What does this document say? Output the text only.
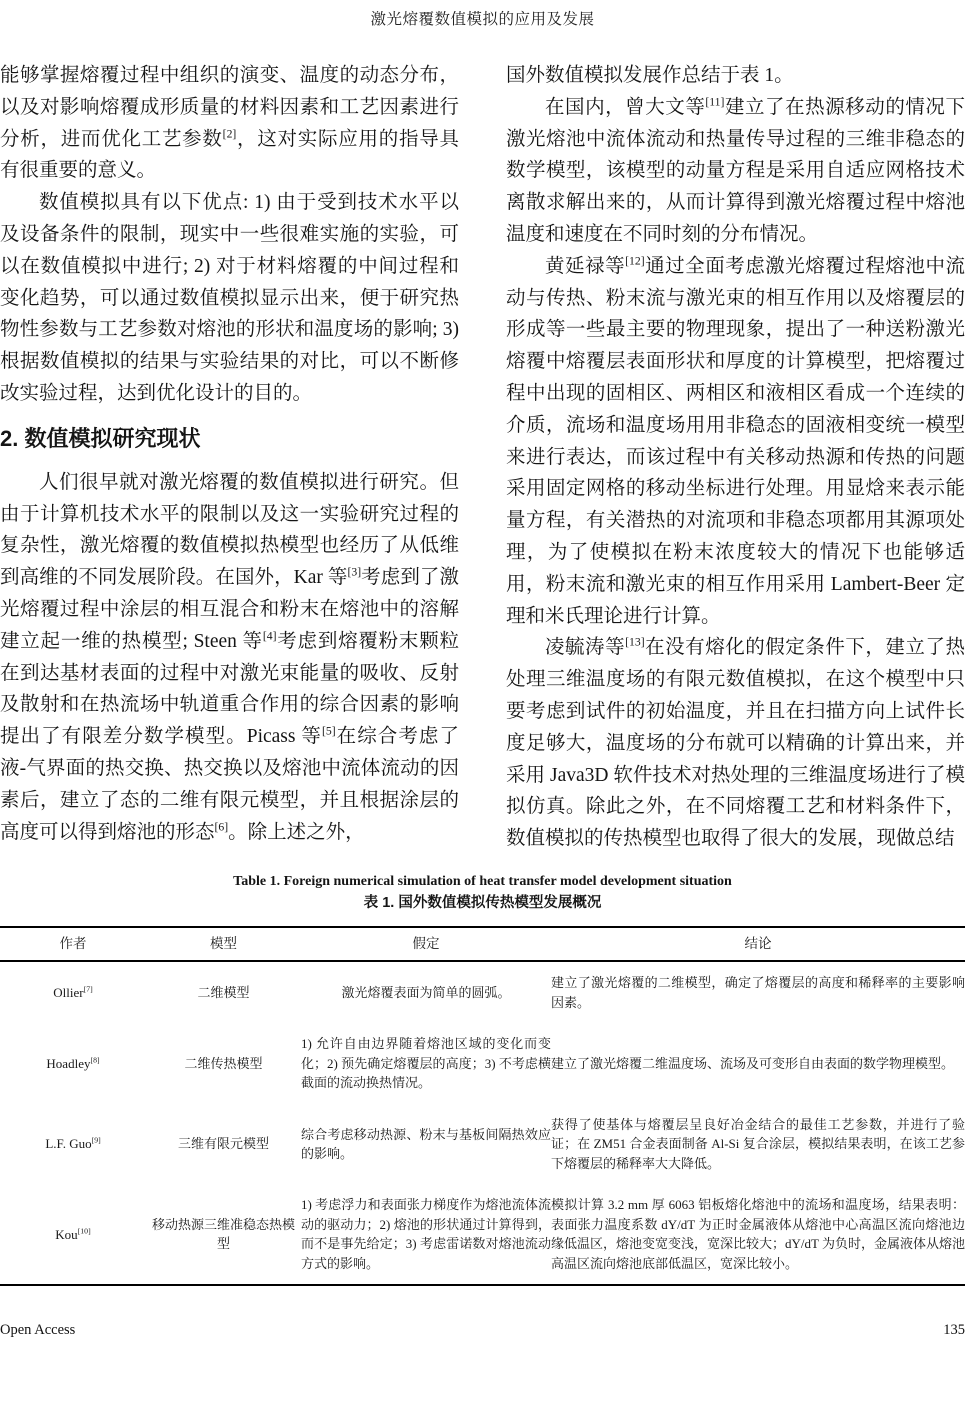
激光熔覆数值模拟的应用及发展

能够掌握熔覆过程中组织的演变、温度的动态分布，以及对影响熔覆成形质量的材料因素和工艺因素进行分析，进而优化工艺参数[2]，这对实际应用的指导具有很重要的意义。

数值模拟具有以下优点: 1) 由于受到技术水平以及设备条件的限制，现实中一些很难实施的实验，可以在数值模拟中进行; 2) 对于材料熔覆的中间过程和变化趋势，可以通过数值模拟显示出来，便于研究热物性参数与工艺参数对熔池的形状和温度场的影响; 3) 根据数值模拟的结果与实验结果的对比，可以不断修改实验过程，达到优化设计的目的。

2. 数值模拟研究现状

人们很早就对激光熔覆的数值模拟进行研究。但由于计算机技术水平的限制以及这一实验研究过程的复杂性，激光熔覆的数值模拟热模型也经历了从低维到高维的不同发展阶段。在国外，Kar 等[3]考虑到了激光熔覆过程中涂层的相互混合和粉末在熔池中的溶解建立起一维的热模型; Steen 等[4]考虑到熔覆粉末颗粒在到达基材表面的过程中对激光束能量的吸收、反射及散射和在热流场中轨道重合作用的综合因素的影响提出了有限差分数学模型。Picass 等[5]在综合考虑了液-气界面的热交换、热交换以及熔池中流体流动的因素后，建立了态的二维有限元模型，并且根据涂层的高度可以得到熔池的形态[6]。除上述之外，

国外数值模拟发展作总结于表 1。

在国内，曾大文等[11]建立了在热源移动的情况下激光熔池中流体流动和热量传导过程的三维非稳态的数学模型，该模型的动量方程是采用自适应网格技术离散求解出来的，从而计算得到激光熔覆过程中熔池温度和速度在不同时刻的分布情况。

黄延禄等[12]通过全面考虑激光熔覆过程熔池中流动与传热、粉末流与激光束的相互作用以及熔覆层的形成等一些最主要的物理现象，提出了一种送粉激光熔覆中熔覆层表面形状和厚度的计算模型，把熔覆过程中出现的固相区、两相区和液相区看成一个连续的介质，流场和温度场用用非稳态的固液相变统一模型来进行表达，而该过程中有关移动热源和传热的问题采用固定网格的移动坐标进行处理。用显焓来表示能量方程，有关潜热的对流项和非稳态项都用其源项处理，为了使模拟在粉末浓度较大的情况下也能够适用，粉末流和激光束的相互作用采用 Lambert-Beer 定理和米氏理论进行计算。

凌毓涛等[13]在没有熔化的假定条件下，建立了热处理三维温度场的有限元数值模拟，在这个模型中只要考虑到试件的初始温度，并且在扫描方向上试件长度足够大，温度场的分布就可以精确的计算出来，并采用 Java3D 软件技术对热处理的三维温度场进行了模拟仿真。除此之外，在不同熔覆工艺和材料条件下，数值模拟的传热模型也取得了很大的发展，现做总结

Table 1. Foreign numerical simulation of heat transfer model development situation
表 1. 国外数值模拟传热模型发展概况
作者	模型	假定	结论
Ollier[7]	二维模型	激光熔覆表面为简单的圆弧。	建立了激光熔覆的二维模型，确定了熔覆层的高度和稀释率的主要影响因素。
Hoadley[8]	二维传热模型	1) 允许自由边界随着熔池区域的变化而变化；2) 预先确定熔覆层的高度；3) 不考虑横截面的流动换热情况。	建立了激光熔覆二维温度场、流场及可变形自由表面的数学物理模型。
L.F. Guo[9]	三维有限元模型	综合考虑移动热源、粉末与基板间隔热效应的影响。	获得了使基体与熔覆层呈良好冶金结合的最佳工艺参数，并进行了验证；在 ZM51 合金表面制备 Al-Si 复合涂层，模拟结果表明，在该工艺参下熔覆层的稀释率大大降低。
Kou[10]	移动热源三维准稳态热模型	1) 考虑浮力和表面张力梯度作为熔池流体流动的驱动力；2) 熔池的形状通过计算得到，而不是事先给定；3) 考虑雷诺数对熔池流动方式的影响。	模拟计算 3.2 mm 厚 6063 铝板熔化熔池中的流场和温度场，结果表明：表面张力温度系数 dY/dT 为正时金属液体从熔池中心高温区流向熔池边缘低温区，熔池变宽变浅，宽深比较大；dY/dT 为负时，金属液体从熔池高温区流向熔池底部低温区，宽深比较小。
Open Access	135
